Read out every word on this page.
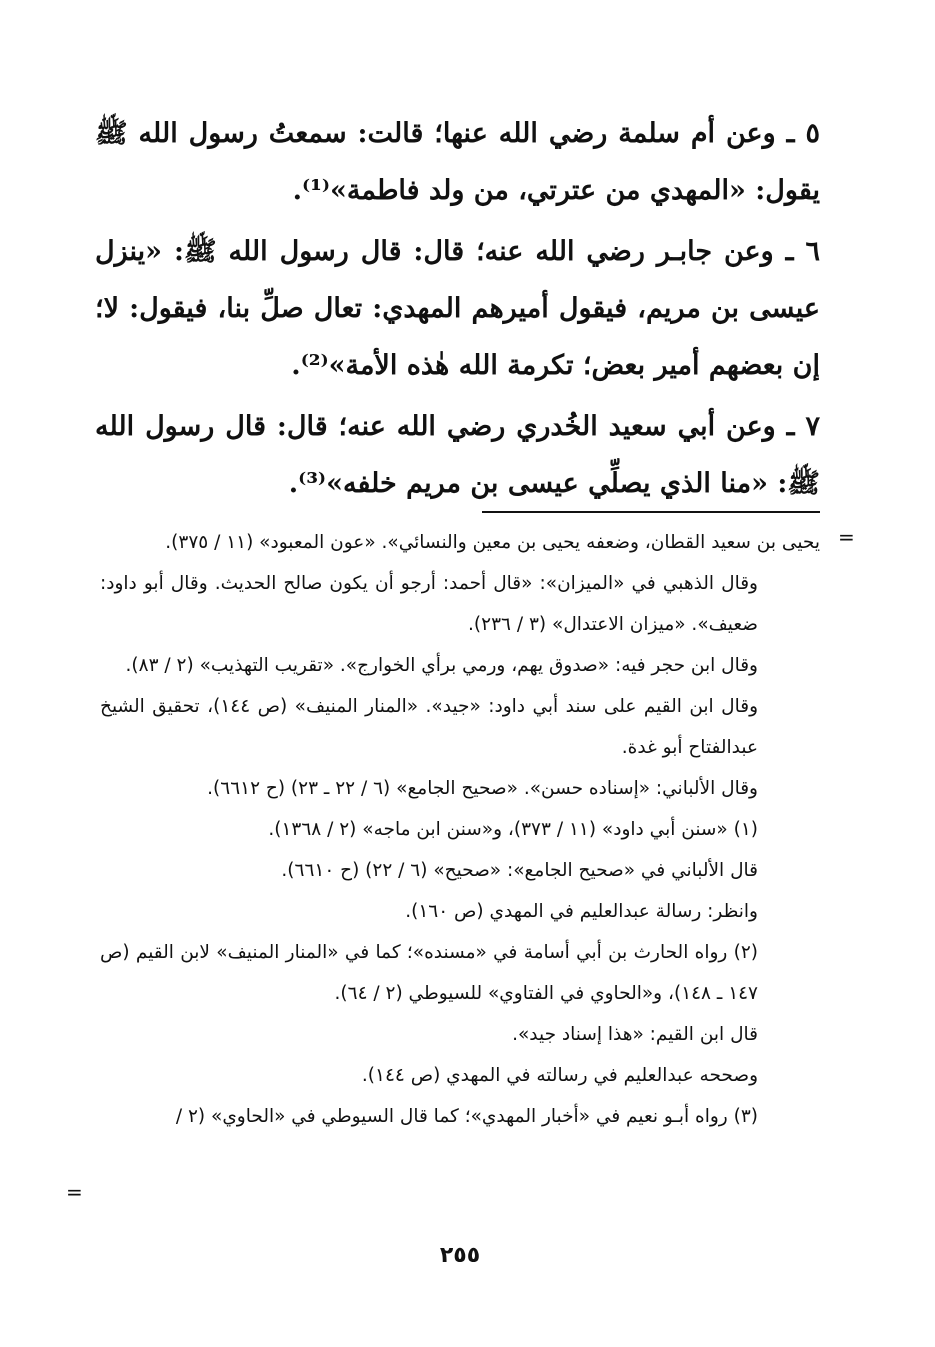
٥ ـ وعن أم سلمة رضي الله عنها؛ قالت: سمعتُ رسول الله ﷺ يقول: «المهدي من عترتي، من ولد فاطمة»⁽¹⁾.

٦ ـ وعن جابـر رضي الله عنه؛ قال: قال رسول الله ﷺ: «ينزل عيسى بن مريم، فيقول أميرهم المهدي: تعال صلِّ بنا، فيقول: لا؛ إن بعضهم أمير بعض؛ تكرمة الله هٰذه الأمة»⁽²⁾.

٧ ـ وعن أبي سعيد الخُدري رضي الله عنه؛ قال: قال رسول الله ﷺ: «منا الذي يصلِّي عيسى بن مريم خلفه»⁽³⁾.

=

يحيى بن سعيد القطان، وضعفه يحيى بن معين والنسائي». «عون المعبود» (١١ / ٣٧٥).

وقال الذهبي في «الميزان»: «قال أحمد: أرجو أن يكون صالح الحديث. وقال أبو داود: ضعيف». «ميزان الاعتدال» (٣ / ٢٣٦).

وقال ابن حجر فيه: «صدوق يهم، ورمي برأي الخوارج». «تقريب التهذيب» (٢ / ٨٣).

وقال ابن القيم على سند أبي داود: «جيد». «المنار المنيف» (ص ١٤٤)، تحقيق الشيخ عبدالفتاح أبو غدة.

وقال الألباني: «إسناده حسن». «صحيح الجامع» (٦ / ٢٢ ـ ٢٣) (ح ٦٦١٢).

(١) «سنن أبي داود» (١١ / ٣٧٣)، و«سنن ابن ماجه» (٢ / ١٣٦٨).

قال الألباني في «صحيح الجامع»: «صحيح» (٦ / ٢٢) (ح ٦٦١٠).

وانظر: رسالة عبدالعليم في المهدي (ص ١٦٠).

(٢) رواه الحارث بن أبي أسامة في «مسنده»؛ كما في «المنار المنيف» لابن القيم (ص ١٤٧ ـ ١٤٨)، و«الحاوي في الفتاوي» للسيوطي (٢ / ٦٤).

قال ابن القيم: «هذا إسناد جيد».

وصححه عبدالعليم في رسالته في المهدي (ص ١٤٤).

(٣) رواه أبـو نعيم في «أخبار المهدي»؛ كما قال السيوطي في «الحاوي» (٢ /

=
٢٥٥
